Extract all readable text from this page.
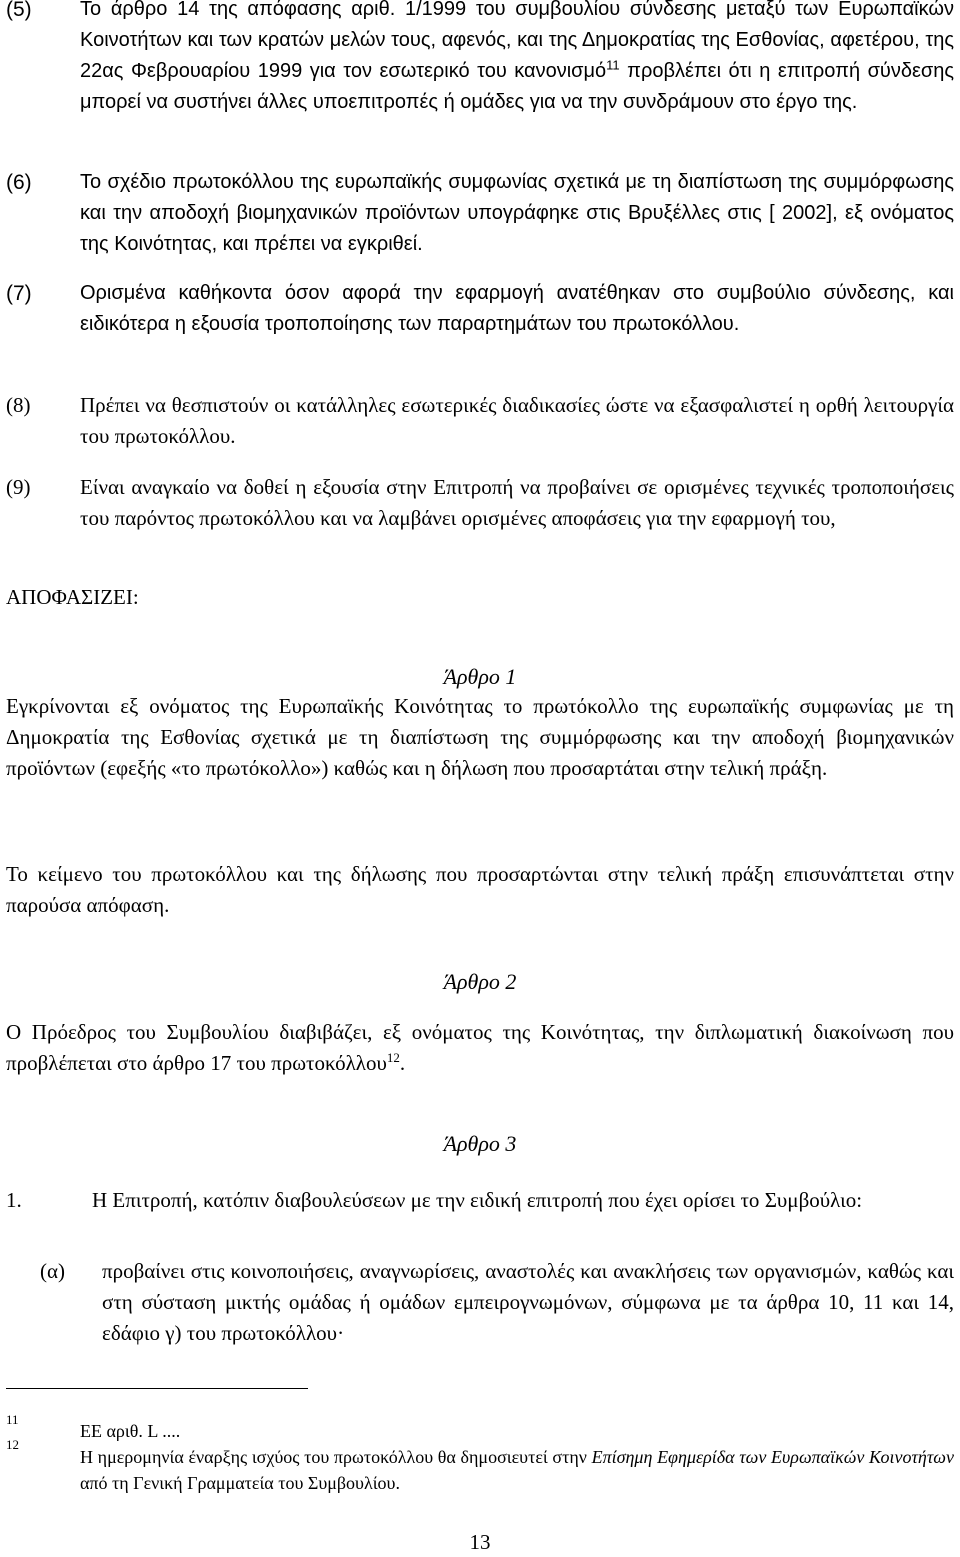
(5) Το άρθρο 14 της απόφασης αριθ. 1/1999 του συμβουλίου σύνδεσης μεταξύ των Ευρωπαϊκών Κοινοτήτων και των κρατών μελών τους, αφενός, και της Δημοκρατίας της Εσθονίας, αφετέρου, της 22ας Φεβρουαρίου 1999 για τον εσωτερικό του κανονισμό$^{11}$ προβλέπει ότι η επιτροπή σύνδεσης μπορεί να συστήνει άλλες υποεπιτροπές ή ομάδες για να την συνδράμουν στο έργο της.
(6) Το σχέδιο πρωτοκόλλου της ευρωπαϊκής συμφωνίας σχετικά με τη διαπίστωση της συμμόρφωσης και την αποδοχή βιομηχανικών προϊόντων υπογράφηκε στις Βρυξέλλες στις [ 2002], εξ ονόματος της Κοινότητας, και πρέπει να εγκριθεί.
(7) Ορισμένα καθήκοντα όσον αφορά την εφαρμογή ανατέθηκαν στο συμβούλιο σύνδεσης, και ειδικότερα η εξουσία τροποποίησης των παραρτημάτων του πρωτοκόλλου.
(8) Πρέπει να θεσπιστούν οι κατάλληλες εσωτερικές διαδικασίες ώστε να εξασφαλιστεί η ορθή λειτουργία του πρωτοκόλλου.
(9) Είναι αναγκαίο να δοθεί η εξουσία στην Επιτροπή να προβαίνει σε ορισμένες τεχνικές τροποποιήσεις του παρόντος πρωτοκόλλου και να λαμβάνει ορισμένες αποφάσεις για την εφαρμογή του,
ΑΠΟΦΑΣΙΖΕΙ:
Άρθρο 1
Εγκρίνονται εξ ονόματος της Ευρωπαϊκής Κοινότητας το πρωτόκολλο της ευρωπαϊκής συμφωνίας με τη Δημοκρατία της Εσθονίας σχετικά με τη διαπίστωση της συμμόρφωσης και την αποδοχή βιομηχανικών προϊόντων (εφεξής «το πρωτόκολλο») καθώς και η δήλωση που προσαρτάται στην τελική πράξη.
Το κείμενο του πρωτοκόλλου και της δήλωσης που προσαρτώνται στην τελική πράξη επισυνάπτεται στην παρούσα απόφαση.
Άρθρο 2
Ο Πρόεδρος του Συμβουλίου διαβιβάζει, εξ ονόματος της Κοινότητας, την διπλωματική διακοίνωση που προβλέπεται στο άρθρο 17 του πρωτοκόλλου$^{12}$.
Άρθρο 3
1.	Η Επιτροπή, κατόπιν διαβουλεύσεων με την ειδική επιτροπή που έχει ορίσει το Συμβούλιο:
(α) προβαίνει στις κοινοποιήσεις, αναγνωρίσεις, αναστολές και ανακλήσεις των οργανισμών, καθώς και στη σύσταση μικτής ομάδας ή ομάδων εμπειρογνωμόνων, σύμφωνα με τα άρθρα 10, 11 και 14, εδάφιο γ) του πρωτοκόλλου·
11
ΕΕ αριθ. L ....
12
Η ημερομηνία έναρξης ισχύος του πρωτοκόλλου θα δημοσιευτεί στην Επίσημη Εφημερίδα των Ευρωπαϊκών Κοινοτήτων από τη Γενική Γραμματεία του Συμβουλίου.
13
